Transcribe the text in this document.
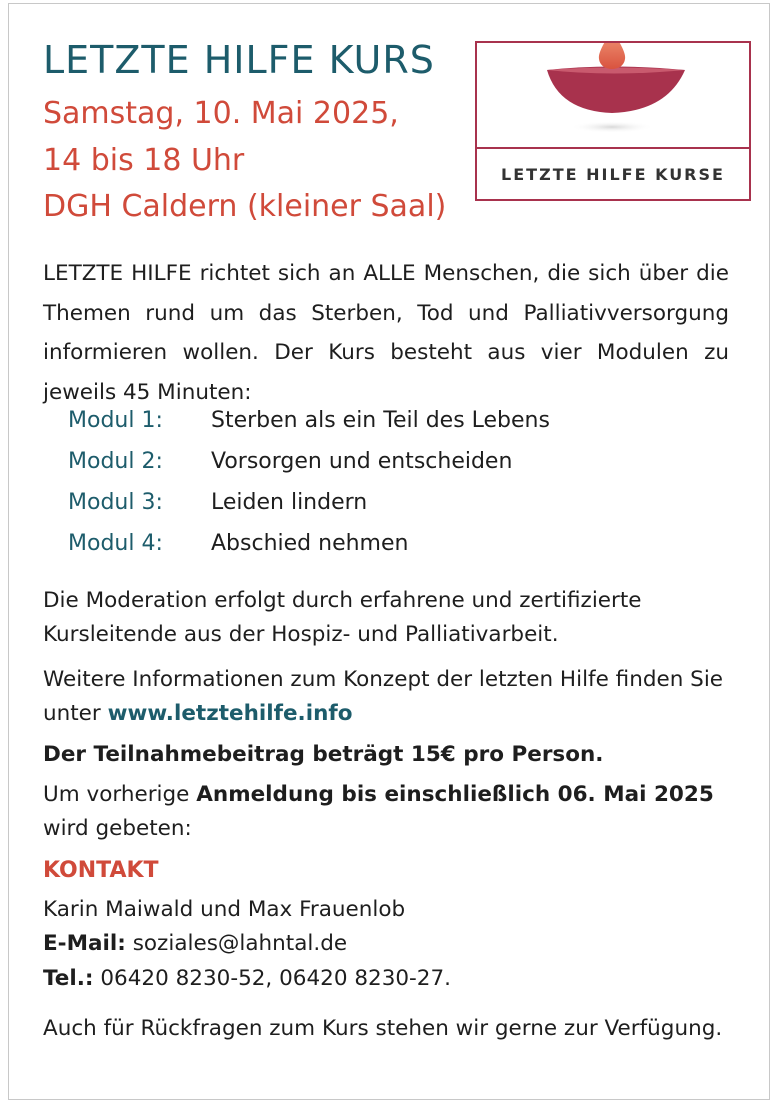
LETZTE HILFE KURS
Samstag, 10. Mai 2025,
14 bis 18 Uhr
DGH Caldern (kleiner Saal)
LETZTE HILFE KURSE

LETZTE HILFE richtet sich an ALLE Menschen, die sich über die Themen rund um das Sterben, Tod und Palliativversorgung informieren wollen. Der Kurs besteht aus vier Modulen zu jeweils 45 Minuten:

Modul 1: Sterben als ein Teil des Lebens
Modul 2: Vorsorgen und entscheiden
Modul 3: Leiden lindern
Modul 4: Abschied nehmen

Die Moderation erfolgt durch erfahrene und zertifizierte Kursleitende aus der Hospiz- und Palliativarbeit.

Weitere Informationen zum Konzept der letzten Hilfe finden Sie unter www.letztehilfe.info

Der Teilnahmebeitrag beträgt 15€ pro Person.

Um vorherige Anmeldung bis einschließlich 06. Mai 2025
wird gebeten:

KONTAKT
Karin Maiwald und Max Frauenlob
E-Mail: soziales@lahntal.de
Tel.: 06420 8230-52, 06420 8230-27.

Auch für Rückfragen zum Kurs stehen wir gerne zur Verfügung.
